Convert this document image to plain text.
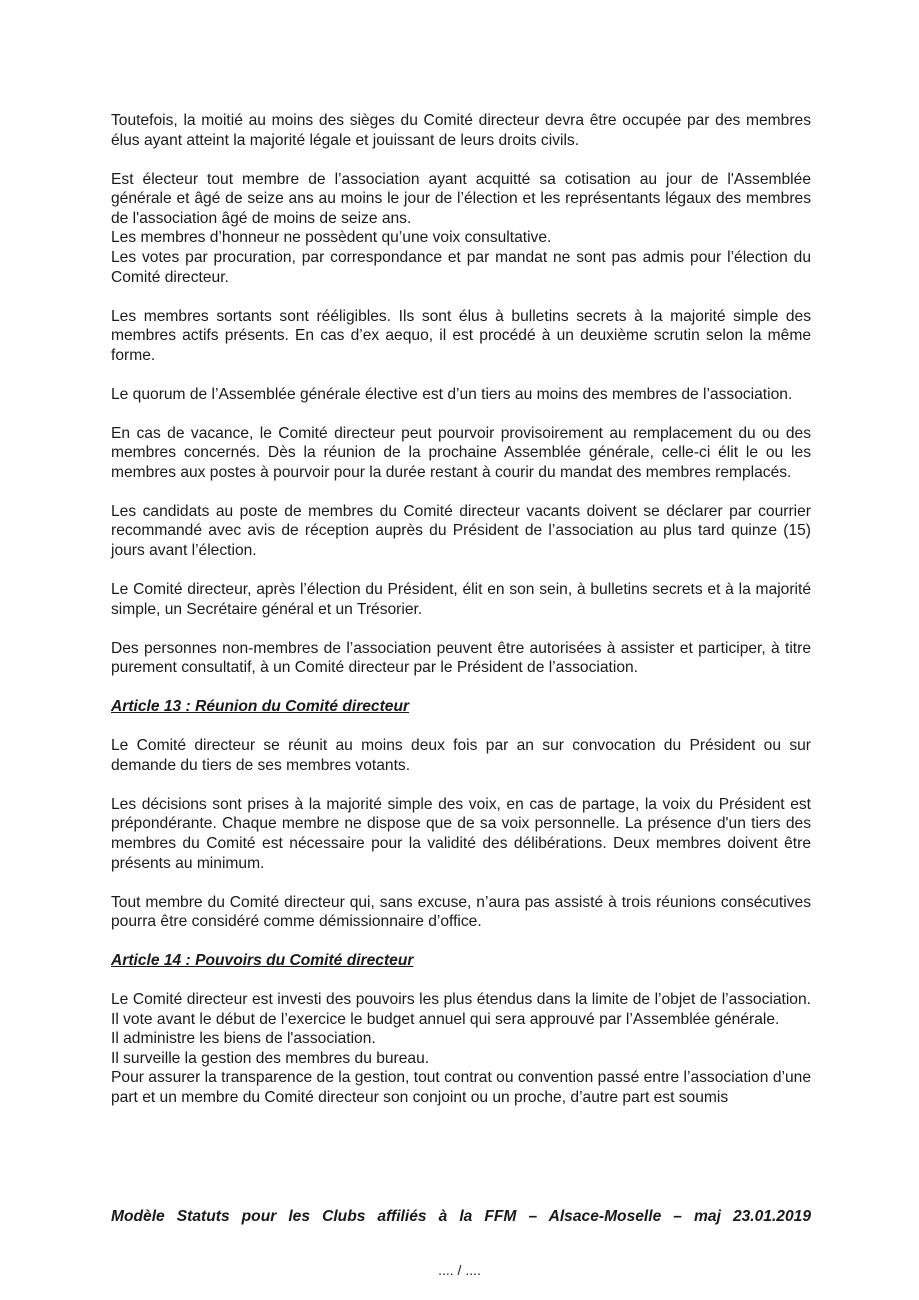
Toutefois, la moitié au moins des sièges du Comité directeur devra être occupée par des membres élus ayant atteint la majorité légale et jouissant de leurs droits civils.

Est électeur tout membre de l’association ayant acquitté sa cotisation au jour de l'Assemblée générale et âgé de seize ans au moins le jour de l’élection et les représentants légaux des membres de l'association âgé de moins de seize ans.
Les membres d’honneur ne possèdent qu’une voix consultative.
Les votes par procuration, par correspondance et par mandat ne sont pas admis pour l’élection du Comité directeur.

Les membres sortants sont rééligibles. Ils sont élus à bulletins secrets à la majorité simple des membres actifs présents. En cas d’ex aequo, il est procédé à un deuxième scrutin selon la même forme.

Le quorum de l’Assemblée générale élective est d’un tiers au moins des membres de l’association.

En cas de vacance, le Comité directeur peut pourvoir provisoirement au remplacement du ou des membres concernés. Dès la réunion de la prochaine Assemblée générale, celle-ci élit le ou les membres aux postes à pourvoir pour la durée restant à courir du mandat des membres remplacés.

Les candidats au poste de membres du Comité directeur vacants doivent se déclarer par courrier recommandé avec avis de réception auprès du Président de l’association au plus tard quinze (15) jours avant l’élection.

Le Comité directeur, après l’élection du Président, élit en son sein, à bulletins secrets et à la majorité simple, un Secrétaire général et un Trésorier.

Des personnes non-membres de l’association peuvent être autorisées à assister et participer, à titre purement consultatif, à un Comité directeur par le Président de l’association.

Article 13 : Réunion du Comité directeur

Le Comité directeur se réunit au moins deux fois par an sur convocation du Président ou sur demande du tiers de ses membres votants.

Les décisions sont prises à la majorité simple des voix, en cas de partage, la voix du Président est prépondérante. Chaque membre ne dispose que de sa voix personnelle. La présence d'un tiers des membres du Comité est nécessaire pour la validité des délibérations. Deux membres doivent être présents au minimum.

Tout membre du Comité directeur qui, sans excuse, n’aura pas assisté à trois réunions consécutives pourra être considéré comme démissionnaire d’office.

Article 14 : Pouvoirs du Comité directeur

Le Comité directeur est investi des pouvoirs les plus étendus dans la limite de l’objet de l’association. Il vote avant le début de l’exercice le budget annuel qui sera approuvé par l’Assemblée générale.
Il administre les biens de l'association.
Il surveille la gestion des membres du bureau.
Pour assurer la transparence de la gestion, tout contrat ou convention passé entre l’association d’une part et un membre du Comité directeur son conjoint ou un proche, d’autre part est soumis

Modèle Statuts pour les Clubs affiliés à la FFM – Alsace-Moselle – maj 23.01.2019
.... / ....
